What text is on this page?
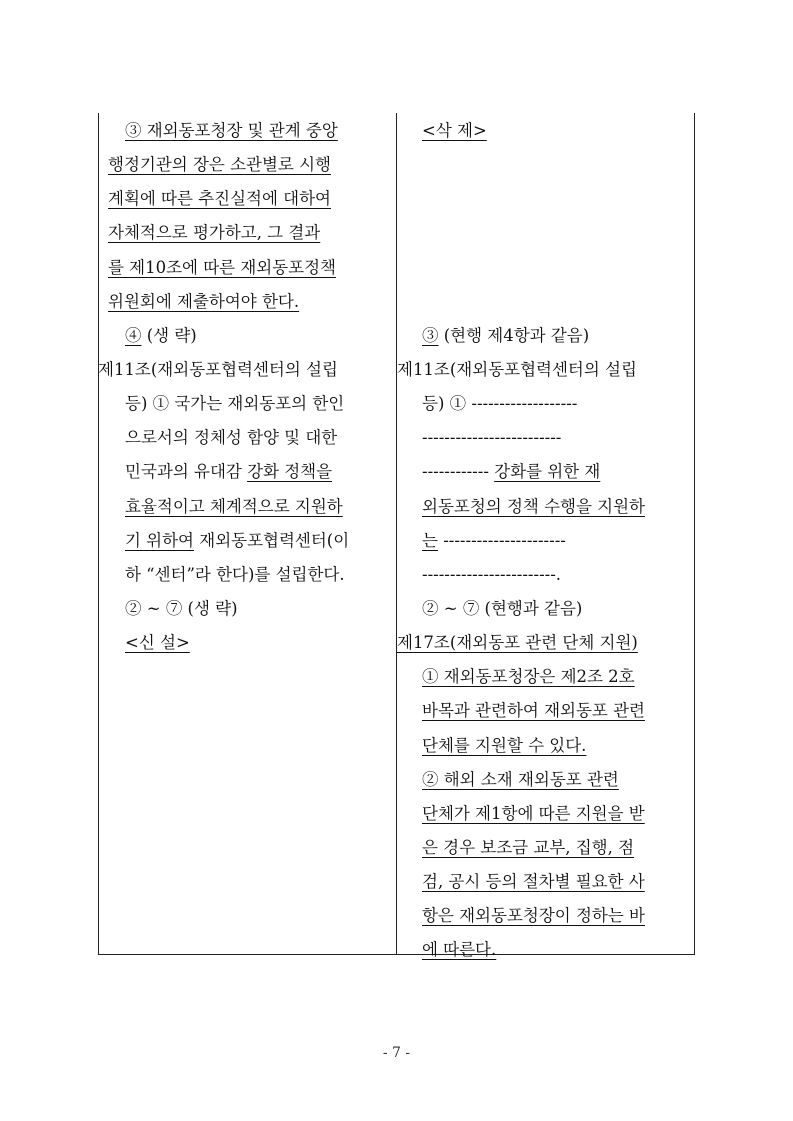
③ 재외동포청장 및 관계 중앙
행정기관의 장은 소관별로 시행
계획에 따른 추진실적에 대하여
자체적으로 평가하고, 그 결과
를 제10조에 따른 재외동포정책
위원회에 제출하여야 한다.
④ (생 략)
제11조(재외동포협력센터의 설립
등) ① 국가는 재외동포의 한인
으로서의 정체성 함양 및 대한
민국과의 유대감 강화 정책을
효율적이고 체계적으로 지원하
기 위하여 재외동포협력센터(이
하 “센터”라 한다)를 설립한다.
② ~ ⑦ (생 략)
<신 설>
<삭 제>
③ (현행 제4항과 같음)
제11조(재외동포협력센터의 설립
등) ① -------------------
-------------------------
------------ 강화를 위한 재
외동포청의 정책 수행을 지원하
는 ----------------------
------------------------.
② ~ ⑦ (현행과 같음)
제17조(재외동포 관련 단체 지원)
① 재외동포청장은 제2조 2호
바목과 관련하여 재외동포 관련
단체를 지원할 수 있다.
② 해외 소재 재외동포 관련
단체가 제1항에 따른 지원을 받
은 경우 보조금 교부, 집행, 점
검, 공시 등의 절차별 필요한 사
항은 재외동포청장이 정하는 바
에 따른다.
- 7 -
